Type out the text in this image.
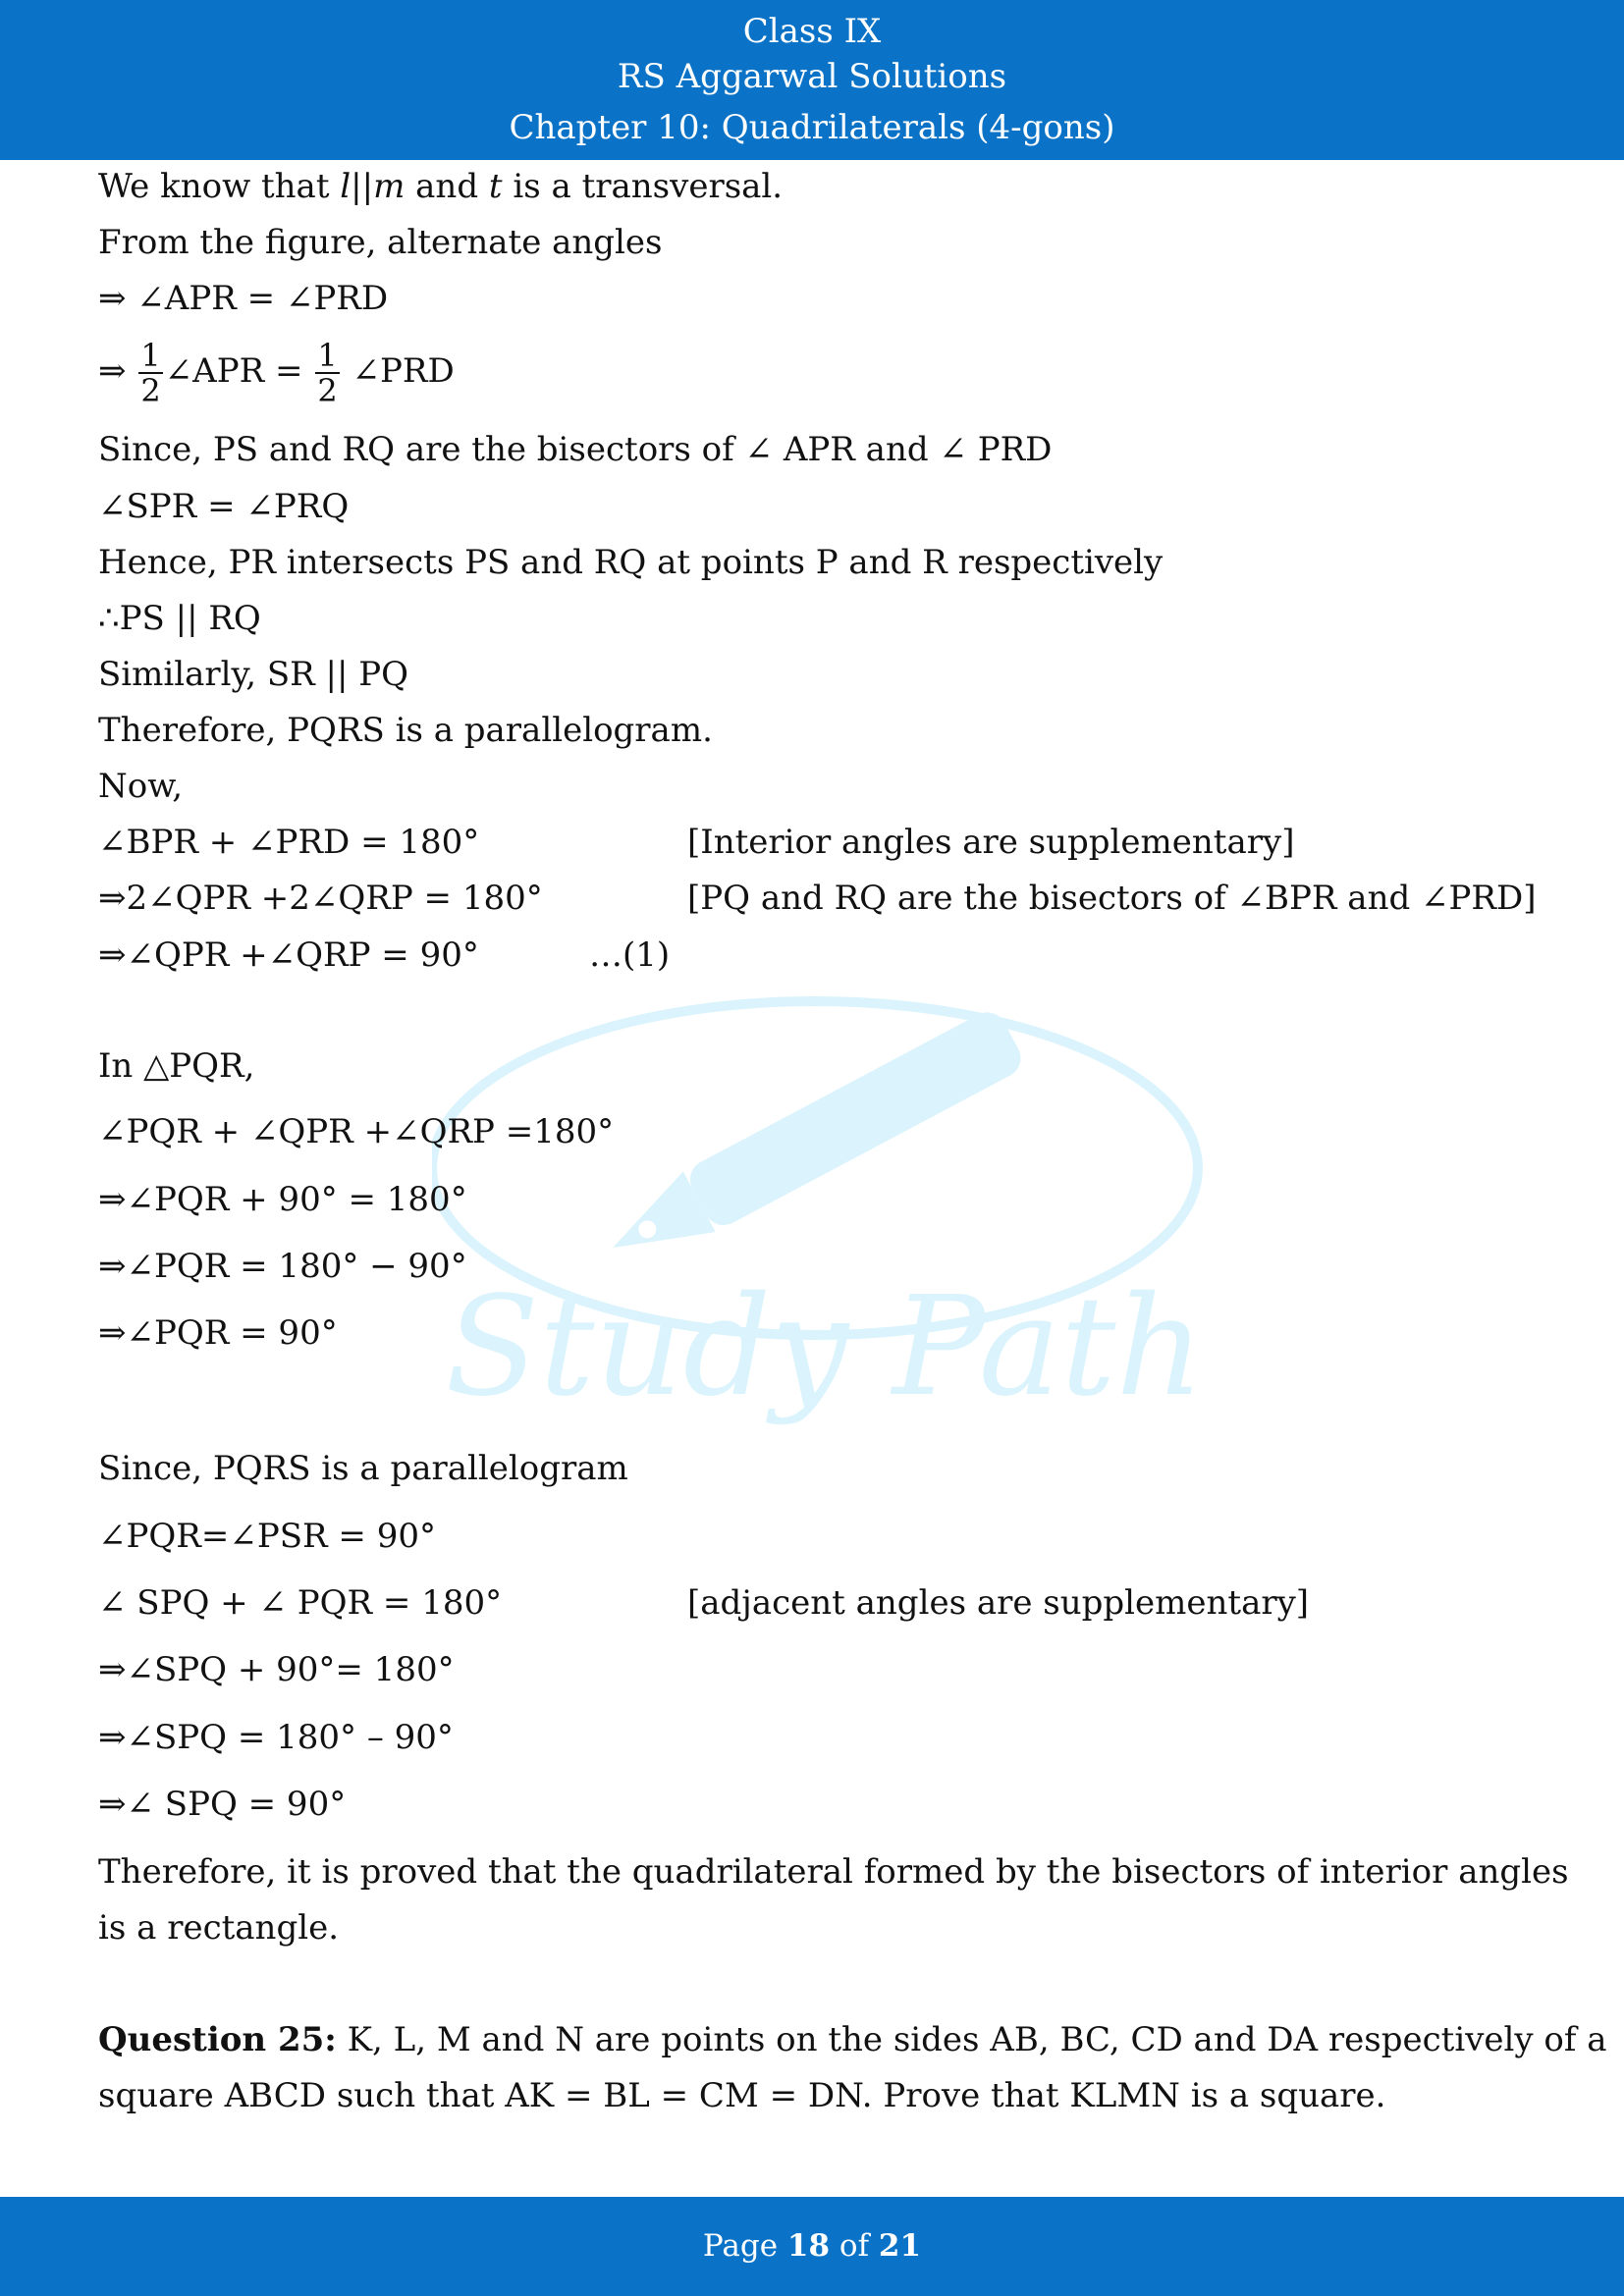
Class IX
RS Aggarwal Solutions
Chapter 10: Quadrilaterals (4-gons)
Study Path
We know that l||m and t is a transversal.
From the figure, alternate angles
⇒ ∠APR = ∠PRD
⇒ $\frac{1}{2}$ ∠APR = $\frac{1}{2}$ ∠PRD
Since, PS and RQ are the bisectors of ∠ APR and ∠ PRD
∠SPR = ∠PRQ
Hence, PR intersects PS and RQ at points P and R respectively
∴PS || RQ
Similarly, SR || PQ
Therefore, PQRS is a parallelogram.
Now,
∠BPR + ∠PRD = 180°	[Interior angles are supplementary]
⇒2∠QPR +2∠QRP = 180°	[PQ and RQ are the bisectors of ∠BPR and ∠PRD]
⇒∠QPR +∠QRP = 90°	…(1)
In △PQR,
∠PQR + ∠QPR +∠QRP =180°
⇒∠PQR + 90° = 180°
⇒∠PQR = 180° − 90°
⇒∠PQR = 90°
Since, PQRS is a parallelogram
∠PQR=∠PSR = 90°
∠ SPQ + ∠ PQR = 180°	[adjacent angles are supplementary]
⇒∠SPQ + 90°= 180°
⇒∠SPQ = 180° – 90°
⇒∠ SPQ = 90°
Therefore, it is proved that the quadrilateral formed by the bisectors of interior angles
is a rectangle.
Question 25: K, L, M and N are points on the sides AB, BC, CD and DA respectively of a
square ABCD such that AK = BL = CM = DN. Prove that KLMN is a square.
Page 18 of 21
